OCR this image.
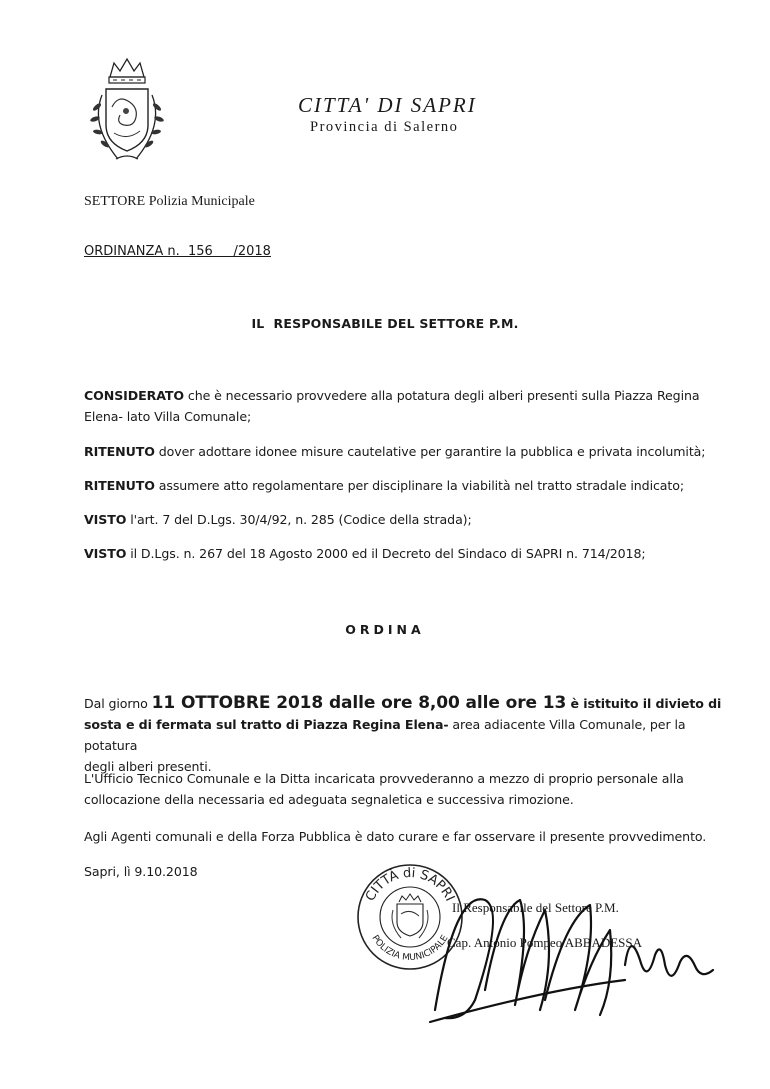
CITTA' DI SAPRI
Provincia di Salerno
SETTORE Polizia Municipale
ORDINANZA n.  156     /2018
IL  RESPONSABILE DEL SETTORE P.M.
CONSIDERATO che è necessario provvedere alla potatura degli alberi presenti sulla Piazza Regina
Elena- lato Villa Comunale;
RITENUTO dover adottare idonee misure cautelative per garantire la pubblica e privata incolumità;
RITENUTO assumere atto regolamentare per disciplinare la viabilità nel tratto stradale indicato;
VISTO l'art. 7 del D.Lgs. 30/4/92, n. 285 (Codice della strada);
VISTO il D.Lgs. n. 267 del 18 Agosto 2000 ed il Decreto del Sindaco di SAPRI n. 714/2018;
ORDINA
Dal giorno 11 OTTOBRE 2018 dalle ore 8,00 alle ore 13 è istituito il divieto di
sosta e di fermata sul tratto di Piazza Regina Elena- area adiacente Villa Comunale, per la potatura
degli alberi presenti.
L'Ufficio Tecnico Comunale e la Ditta incaricata provvederanno a mezzo di proprio personale alla
collocazione della necessaria ed adeguata segnaletica e successiva rimozione.
Agli Agenti comunali e della Forza Pubblica è dato curare e far osservare il presente provvedimento.
Sapri, lì 9.10.2018
CITTÀ di SAPRI
POLIZIA MUNICIPALE
Il Responsabile del Settore P.M.
Cap. Antonio Pompeo ABBADESSA
